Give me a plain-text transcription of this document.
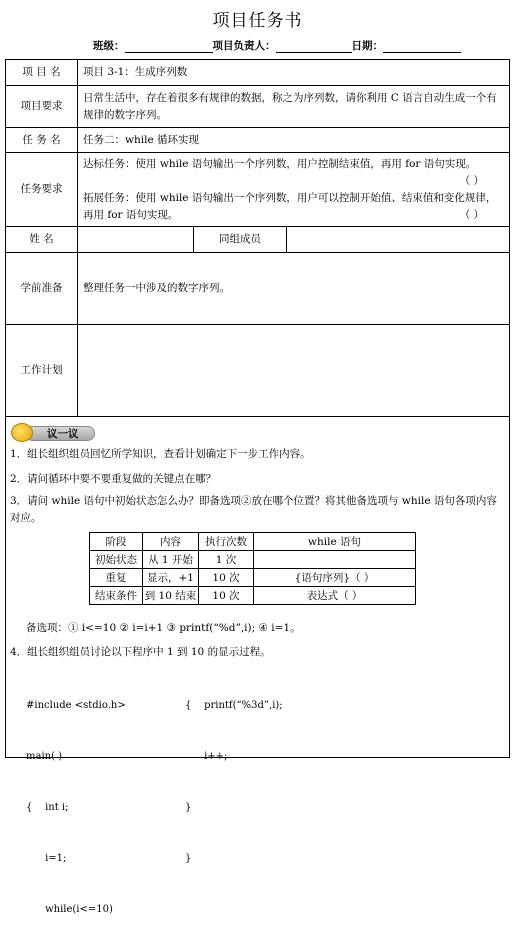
项目任务书
班级：	项目负责人：	日期：
项 目 名	项目 3-1：生成序列数		
项目要求	日常生活中，存在着很多有规律的数据，称之为序列数，请你利用 C 语言自动生成一个有规律的数字序列。		
任 务 名	任务二：while 循环实现		
任务要求	达标任务：使用 while 语句输出一个序列数，用户控制结束值，再用 for 语句实现。
（ ）
拓展任务：使用 while 语句输出一个序列数，用户可以控制开始值、结束值和变化规律，再用 for 语句实现。 （ ）		

姓 名		同组成员	
学前准备	整理任务一中涉及的数字序列。		
工作计划			
议一议
1．组长组织组员回忆所学知识，查看计划确定下一步工作内容。
2．请问循环中要不要重复做的关键点在哪？
3．请问 while 语句中初始状态怎么办？即备选项②放在哪个位置？将其他备选项与 while 语句各项内容对应。
阶段	内容	执行次数	while 语句
初始状态	从 1 开始	1 次	
重复	显示，+1	10 次	{语句序列}（ ）
结束条件	到 10 结束	10 次	表达式（ ）
备选项：① i<=10 ② i=i+1 ③ printf(“%d”,i); ④ i=1。
4．组长组织组员讨论以下程序中 1 到 10 的显示过程。

#include <stdio.h>

main( )

{    int i;

i=1;

while(i<=10)

{    printf(“%3d”,i);

i++;

}

}
